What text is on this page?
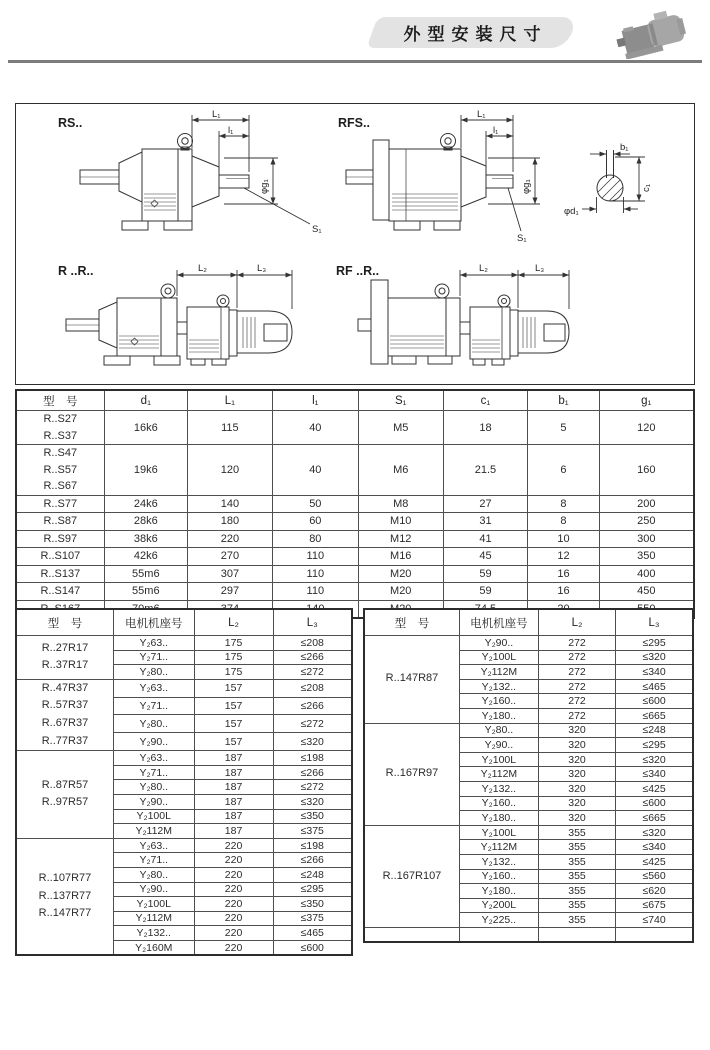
外型安装尺寸
RS..
L₁
l₁
φg₁
S₁
RFS..
L₁
l₁
φg₁
S₁
b₁
c₁
φd₁
R ..R..	L₂	L₃	RF ..R..	L₂	L₃
型　号	d₁	L₁	l₁	S₁	c₁	b₁	g₁

R..S27
R..S37	16k6	115	40	M5	18	5	120

R..S47
R..S57
R..S67	19k6	120	40	M6	21.5	6	160

R..S77	24k6	140	50	M8	27	8	200

R..S87	28k6	180	60	M10	31	8	250

R..S97	38k6	220	80	M12	41	10	300

R..S107	42k6	270	110	M16	45	12	350

R..S137	55m6	307	110	M20	59	16	400

R..S147	55m6	297	110	M20	59	16	450

型　号	电机机座号	L₂	L₃

R..27R17
R..37R17	Y₂63..	175	≤208
	Y₂71..	175	≤266
	Y₂80..	175	≤272

R..47R37
R..57R37
R..67R37
R..77R37	Y₂63..	157	≤208
	Y₂71..	157	≤266
	Y₂80..	157	≤272
	Y₂90..	157	≤320

R..87R57
R..97R57	Y₂63..	187	≤198
	Y₂71..	187	≤266
	Y₂80..	187	≤272
	Y₂90..	187	≤320
	Y₂100L	187	≤350
	Y₂112M	187	≤375

R..107R77
R..137R77
R..147R77	Y₂63..	220	≤198
	Y₂71..	220	≤266
	Y₂80..	220	≤248
	Y₂90..	220	≤295
	Y₂100L	220	≤350
	Y₂112M	220	≤375
	Y₂132..	220	≤465
	Y₂160M	220	≤600
型　号	电机机座号	L₂	L₃

R..147R87	Y₂90..	272	≤295
	Y₂100L	272	≤320
	Y₂112M	272	≤340
	Y₂132..	272	≤465
	Y₂160..	272	≤600
	Y₂180..	272	≤665

R..167R97	Y₂80..	320	≤248
	Y₂90..	320	≤295
	Y₂100L	320	≤320
	Y₂112M	320	≤340
	Y₂132..	320	≤425
	Y₂160..	320	≤600
	Y₂180..	320	≤665

R..167R107	Y₂100L	355	≤320
	Y₂112M	355	≤340
	Y₂132..	355	≤425
	Y₂160..	355	≤560
	Y₂180..	355	≤620
	Y₂200L	355	≤675
	Y₂225..	355	≤740
